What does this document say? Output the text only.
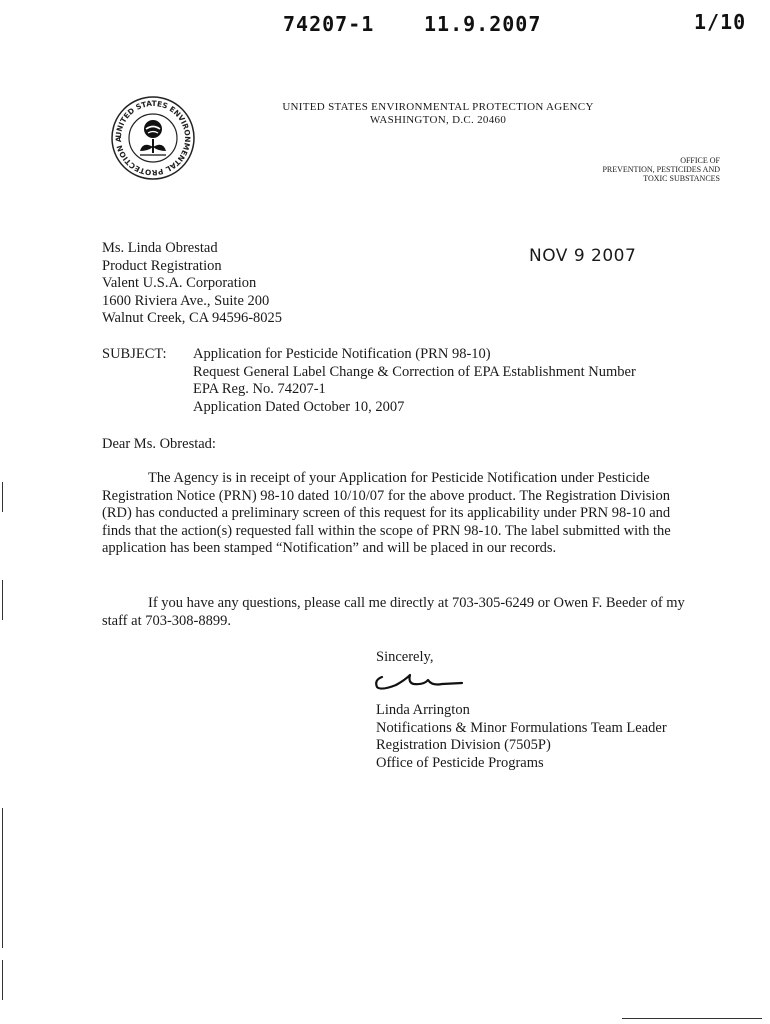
74207-1 11.9.2007	1/10
UNITED STATES ENVIRONMENTAL PROTECTION A
UNITED STATES ENVIRONMENTAL PROTECTION AGENCY
WASHINGTON, D.C. 20460
OFFICE OF
PREVENTION, PESTICIDES AND
TOXIC SUBSTANCES
Ms. Linda Obrestad
Product Registration
Valent U.S.A. Corporation
1600 Riviera Ave., Suite 200
Walnut Creek, CA 94596-8025
NOV 9 2007
SUBJECT: Application for Pesticide Notification (PRN 98-10)
Request General Label Change & Correction of EPA Establishment Number
EPA Reg. No. 74207-1
Application Dated October 10, 2007
Dear Ms. Obrestad:

The Agency is in receipt of your Application for Pesticide Notification under Pesticide Registration Notice (PRN) 98-10 dated 10/10/07 for the above product. The Registration Division (RD) has conducted a preliminary screen of this request for its applicability under PRN 98-10 and finds that the action(s) requested fall within the scope of PRN 98-10. The label submitted with the application has been stamped “Notification” and will be placed in our records.

If you have any questions, please call me directly at 703-305-6249 or Owen F. Beeder of my staff at 703-308-8899.

Sincerely,
Linda Arrington
Notifications & Minor Formulations Team Leader
Registration Division (7505P)
Office of Pesticide Programs
